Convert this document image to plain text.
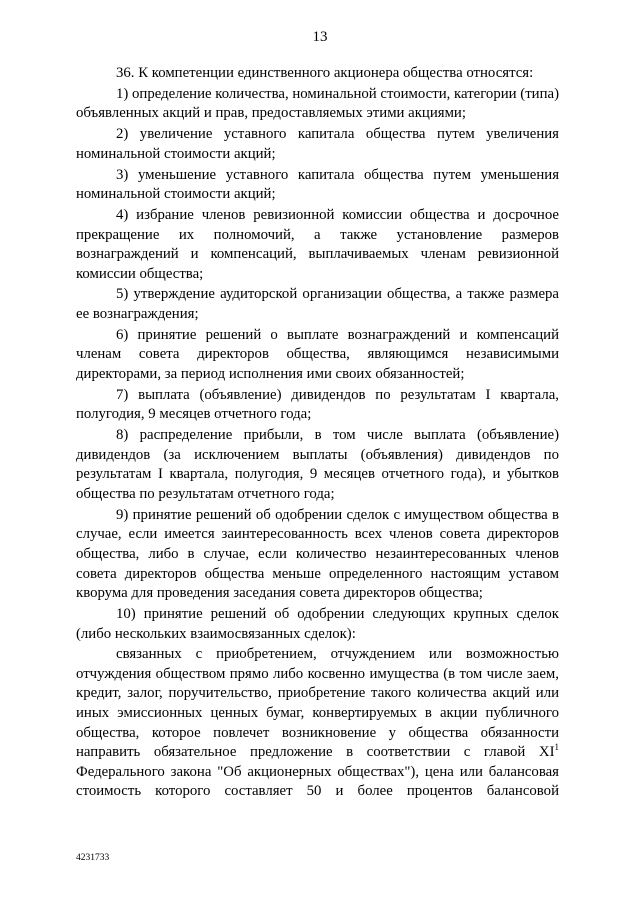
13

36. К компетенции единственного акционера общества относятся:

1) определение количества, номинальной стоимости, категории (типа) объявленных акций и прав, предоставляемых этими акциями;

2) увеличение уставного капитала общества путем увеличения номинальной стоимости акций;

3) уменьшение уставного капитала общества путем уменьшения номинальной стоимости акций;

4) избрание членов ревизионной комиссии общества и досрочное прекращение их полномочий, а также установление размеров вознаграждений и компенсаций, выплачиваемых членам ревизионной комиссии общества;

5) утверждение аудиторской организации общества, а также размера ее вознаграждения;

6) принятие решений о выплате вознаграждений и компенсаций членам совета директоров общества, являющимся независимыми директорами, за период исполнения ими своих обязанностей;

7) выплата (объявление) дивидендов по результатам I квартала, полугодия, 9 месяцев отчетного года;

8) распределение прибыли, в том числе выплата (объявление) дивидендов (за исключением выплаты (объявления) дивидендов по результатам I квартала, полугодия, 9 месяцев отчетного года), и убытков общества по результатам отчетного года;

9) принятие решений об одобрении сделок с имуществом общества в случае, если имеется заинтересованность всех членов совета директоров общества, либо в случае, если количество незаинтересованных членов совета директоров общества меньше определенного настоящим уставом кворума для проведения заседания совета директоров общества;

10) принятие решений об одобрении следующих крупных сделок (либо нескольких взаимосвязанных сделок):

связанных с приобретением, отчуждением или возможностью отчуждения обществом прямо либо косвенно имущества (в том числе заем, кредит, залог, поручительство, приобретение такого количества акций или иных эмиссионных ценных бумаг, конвертируемых в акции публичного общества, которое повлечет возникновение у общества обязанности направить обязательное предложение в соответствии с главой $XI^1$ Федерального закона "Об акционерных обществах"), цена или балансовая стоимость которого составляет 50 и более процентов балансовой

4231733
